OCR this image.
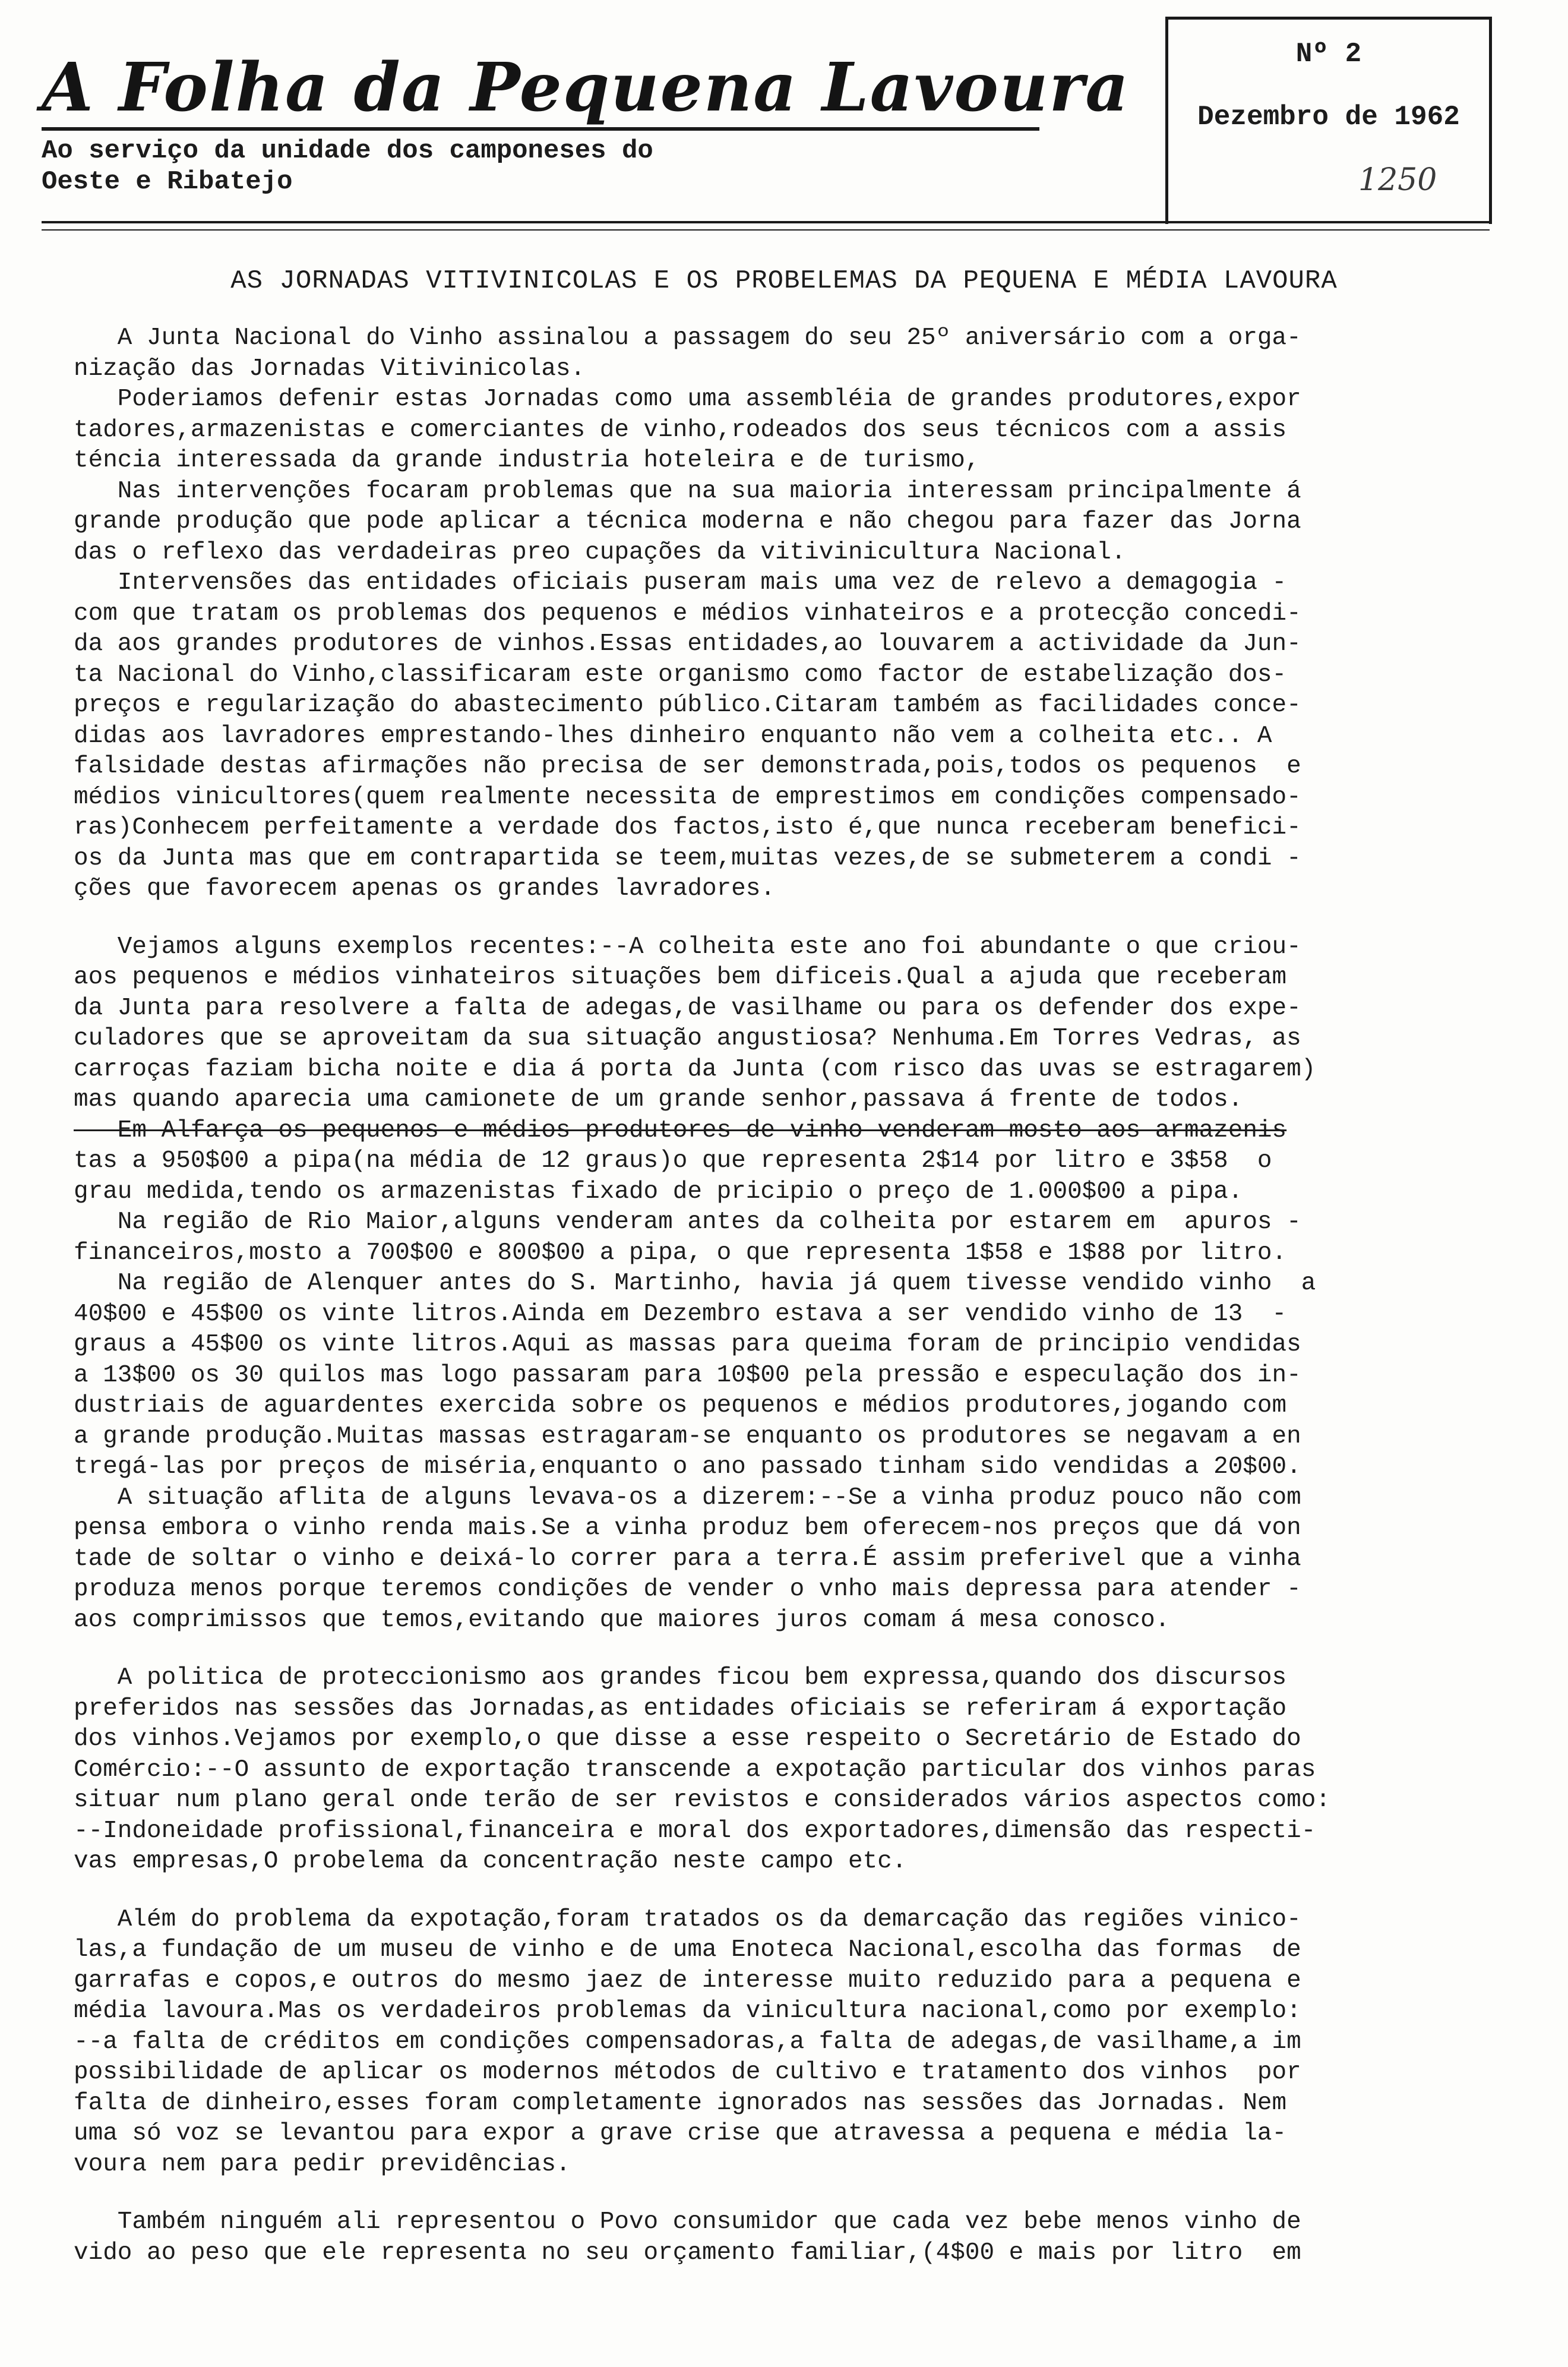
A Folha da Pequena Lavoura
Ao serviço da unidade dos camponeses do
Oeste e Ribatejo
Nº 2
Dezembro de 1962
1250
AS JORNADAS VITIVINICOLAS E OS PROBELEMAS DA PEQUENA E MÉDIA LAVOURA
A Junta Nacional do Vinho assinalou a passagem do seu 25º aniversário com a orga-
nização das Jornadas Vitivinicolas.
Poderiamos defenir estas Jornadas como uma assembléia de grandes produtores,expor
tadores,armazenistas e comerciantes de vinho,rodeados dos seus técnicos com a assis
téncia interessada da grande industria hoteleira e de turismo,
Nas intervenções focaram problemas que na sua maioria interessam principalmente á
grande produção que pode aplicar a técnica moderna e não chegou para fazer das Jorna
das o reflexo das verdadeiras preo cupações da vitivinicultura Nacional.
Intervensões das entidades oficiais puseram mais uma vez de relevo a demagogia -
com que tratam os problemas dos pequenos e médios vinhateiros e a protecção concedi-
da aos grandes produtores de vinhos.Essas entidades,ao louvarem a actividade da Jun-
ta Nacional do Vinho,classificaram este organismo como factor de estabelização dos-
preços e regularização do abastecimento público.Citaram também as facilidades conce-
didas aos lavradores emprestando-lhes dinheiro enquanto não vem a colheita etc.. A
falsidade destas afirmações não precisa de ser demonstrada,pois,todos os pequenos  e
médios vinicultores(quem realmente necessita de emprestimos em condições compensado-
ras)Conhecem perfeitamente a verdade dos factos,isto é,que nunca receberam benefici-
os da Junta mas que em contrapartida se teem,muitas vezes,de se submeterem a condi -
ções que favorecem apenas os grandes lavradores.
Vejamos alguns exemplos recentes:--A colheita este ano foi abundante o que criou-
aos pequenos e médios vinhateiros situações bem dificeis.Qual a ajuda que receberam
da Junta para resolvere a falta de adegas,de vasilhame ou para os defender dos expe-
culadores que se aproveitam da sua situação angustiosa? Nenhuma.Em Torres Vedras, as
carroças faziam bicha noite e dia á porta da Junta (com risco das uvas se estragarem)
mas quando aparecia uma camionete de um grande senhor,passava á frente de todos.
Em Alfarça os pequenos e médios produtores de vinho venderam mosto aos armazenis
tas a 950$00 a pipa(na média de 12 graus)o que representa 2$14 por litro e 3$58  o
grau medida,tendo os armazenistas fixado de pricipio o preço de 1.000$00 a pipa.
Na região de Rio Maior,alguns venderam antes da colheita por estarem em  apuros -
financeiros,mosto a 700$00 e 800$00 a pipa, o que representa 1$58 e 1$88 por litro.
Na região de Alenquer antes do S. Martinho, havia já quem tivesse vendido vinho  a
40$00 e 45$00 os vinte litros.Ainda em Dezembro estava a ser vendido vinho de 13  -
graus a 45$00 os vinte litros.Aqui as massas para queima foram de principio vendidas
a 13$00 os 30 quilos mas logo passaram para 10$00 pela pressão e especulação dos in-
dustriais de aguardentes exercida sobre os pequenos e médios produtores,jogando com
a grande produção.Muitas massas estragaram-se enquanto os produtores se negavam a en
tregá-las por preços de miséria,enquanto o ano passado tinham sido vendidas a 20$00.
A situação aflita de alguns levava-os a dizerem:--Se a vinha produz pouco não com
pensa embora o vinho renda mais.Se a vinha produz bem oferecem-nos preços que dá von
tade de soltar o vinho e deixá-lo correr para a terra.É assim preferivel que a vinha
produza menos porque teremos condições de vender o vnho mais depressa para atender -
aos comprimissos que temos,evitando que maiores juros comam á mesa conosco.
A politica de proteccionismo aos grandes ficou bem expressa,quando dos discursos
preferidos nas sessões das Jornadas,as entidades oficiais se referiram á exportação
dos vinhos.Vejamos por exemplo,o que disse a esse respeito o Secretário de Estado do
Comércio:--O assunto de exportação transcende a expotação particular dos vinhos paras
situar num plano geral onde terão de ser revistos e considerados vários aspectos como:
--Indoneidade profissional,financeira e moral dos exportadores,dimensão das respecti-
vas empresas,O probelema da concentração neste campo etc.
Além do problema da expotação,foram tratados os da demarcação das regiões vinico-
las,a fundação de um museu de vinho e de uma Enoteca Nacional,escolha das formas  de
garrafas e copos,e outros do mesmo jaez de interesse muito reduzido para a pequena e
média lavoura.Mas os verdadeiros problemas da vinicultura nacional,como por exemplo:
--a falta de créditos em condições compensadoras,a falta de adegas,de vasilhame,a im
possibilidade de aplicar os modernos métodos de cultivo e tratamento dos vinhos  por
falta de dinheiro,esses foram completamente ignorados nas sessões das Jornadas. Nem
uma só voz se levantou para expor a grave crise que atravessa a pequena e média la-
voura nem para pedir previdências.
Também ninguém ali representou o Povo consumidor que cada vez bebe menos vinho de
vido ao peso que ele representa no seu orçamento familiar,(4$00 e mais por litro  em
